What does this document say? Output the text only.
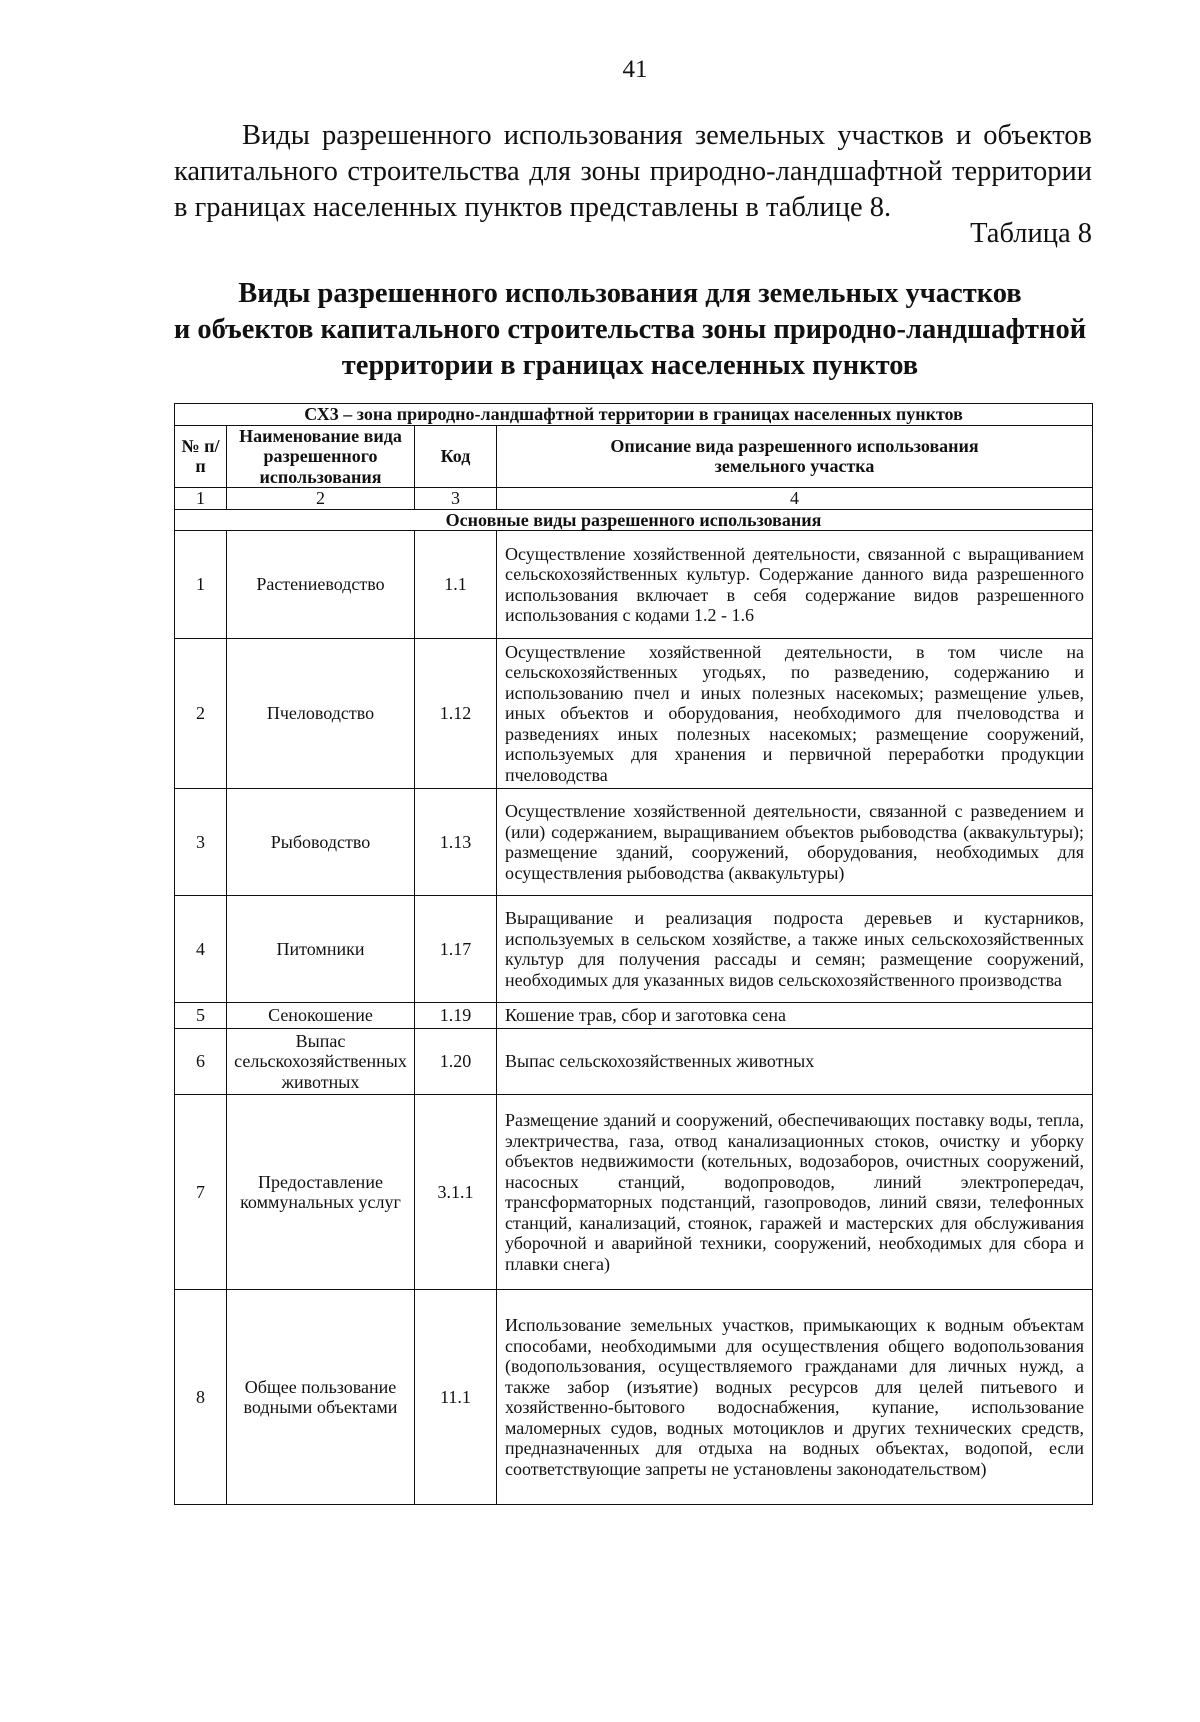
41
Виды разрешенного использования земельных участков и объектов капитального строительства для зоны природно-ландшафтной территории в границах населенных пунктов представлены в таблице 8.
Таблица 8
Виды разрешенного использования для земельных участков
и объектов капитального строительства зоны природно-ландшафтной
территории в границах населенных пунктов
СХ3 – зона природно-ландшафтной территории в границах населенных пунктов			
№ п/п	Наименование вида разрешенного использования	Код	Описание вида разрешенного использования земельного участка
1	2	3	4
Основные виды разрешенного использования			
1	Растениеводство	1.1	Осуществление хозяйственной деятельности, связанной с выращиванием сельскохозяйственных культур. Содержание данного вида разрешенного использования включает в себя содержание видов разрешенного использования с кодами 1.2 - 1.6
2	Пчеловодство	1.12	Осуществление хозяйственной деятельности, в том числе на сельскохозяйственных угодьях, по разведению, содержанию и использованию пчел и иных полезных насекомых; размещение ульев, иных объектов и оборудования, необходимого для пчеловодства и разведениях иных полезных насекомых; размещение сооружений, используемых для хранения и первичной переработки продукции пчеловодства
3	Рыбоводство	1.13	Осуществление хозяйственной деятельности, связанной с разведением и (или) содержанием, выращиванием объектов рыбоводства (аквакультуры); размещение зданий, сооружений, оборудования, необходимых для осуществления рыбоводства (аквакультуры)
4	Питомники	1.17	Выращивание и реализация подроста деревьев и кустарников, используемых в сельском хозяйстве, а также иных сельскохозяйственных культур для получения рассады и семян; размещение сооружений, необходимых для указанных видов сельскохозяйственного производства
5	Сенокошение	1.19	Кошение трав, сбор и заготовка сена
6	Выпас сельскохозяйственных животных	1.20	Выпас сельскохозяйственных животных
7	Предоставление коммунальных услуг	3.1.1	Размещение зданий и сооружений, обеспечивающих поставку воды, тепла, электричества, газа, отвод канализационных стоков, очистку и уборку объектов недвижимости (котельных, водозаборов, очистных сооружений, насосных станций, водопроводов, линий электропередач, трансформаторных подстанций, газопроводов, линий связи, телефонных станций, канализаций, стоянок, гаражей и мастерских для обслуживания уборочной и аварийной техники, сооружений, необходимых для сбора и плавки снега)
8	Общее пользование водными объектами	11.1	Использование земельных участков, примыкающих к водным объектам способами, необходимыми для осуществления общего водопользования (водопользования, осуществляемого гражданами для личных нужд, а также забор (изъятие) водных ресурсов для целей питьевого и хозяйственно-бытового водоснабжения, купание, использование маломерных судов, водных мотоциклов и других технических средств, предназначенных для отдыха на водных объектах, водопой, если соответствующие запреты не установлены законодательством)
